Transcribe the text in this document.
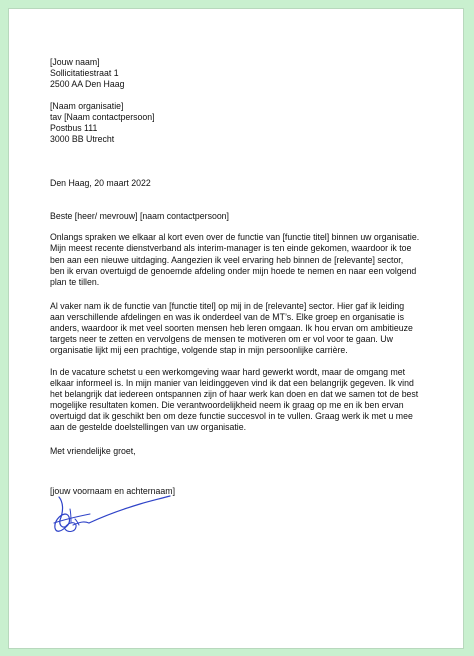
[Jouw naam]
Sollicitatiestraat 1
2500 AA Den Haag
[Naam organisatie]
tav [Naam contactpersoon]
Postbus 111
3000 BB Utrecht
Den Haag, 20 maart 2022
Beste [heer/ mevrouw] [naam contactpersoon]
Onlangs spraken we elkaar al kort even over de functie van [functie titel] binnen uw organisatie.
Mijn meest recente dienstverband als interim-manager is ten einde gekomen, waardoor ik toe
ben aan een nieuwe uitdaging. Aangezien ik veel ervaring heb binnen de [relevante] sector,
ben ik ervan overtuigd de genoemde afdeling onder mijn hoede te nemen en naar een volgend
plan te tillen.
Al vaker nam ik de functie van [functie titel] op mij in de [relevante] sector. Hier gaf ik leiding
aan verschillende afdelingen en was ik onderdeel van de MT’s. Elke groep en organisatie is
anders, waardoor ik met veel soorten mensen heb leren omgaan. Ik hou ervan om ambitieuze
targets neer te zetten en vervolgens de mensen te motiveren om er vol voor te gaan. Uw
organisatie lijkt mij een prachtige, volgende stap in mijn persoonlijke carrière.
In de vacature schetst u een werkomgeving waar hard gewerkt wordt, maar de omgang met
elkaar informeel is. In mijn manier van leidinggeven vind ik dat een belangrijk gegeven. Ik vind
het belangrijk dat iedereen ontspannen zijn of haar werk kan doen en dat we samen tot de best
mogelijke resultaten komen. Die verantwoordelijkheid neem ik graag op me en ik ben ervan
overtuigd dat ik geschikt ben om deze functie succesvol in te vullen. Graag werk ik met u mee
aan de gestelde doelstellingen van uw organisatie.
Met vriendelijke groet,
[jouw voornaam en achternaam]
